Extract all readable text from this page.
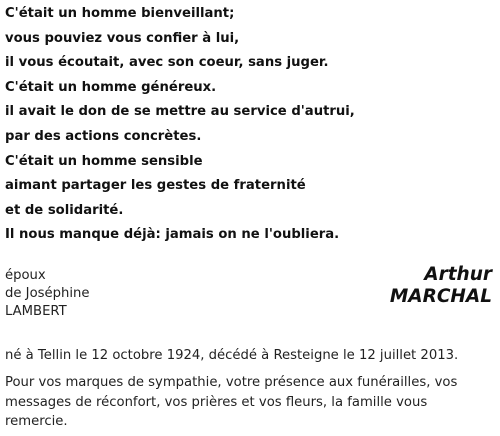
C'était un homme bienveillant;
vous pouviez vous confier à lui,
il vous écoutait, avec son coeur, sans juger.
C'était un homme généreux.
il avait le don de se mettre au service d'autrui,
par des actions concrètes.
C'était un homme sensible
aimant partager les gestes de fraternité
et de solidarité.
Il nous manque déjà: jamais on ne l'oubliera.
époux
de Joséphine
LAMBERT
Arthur
MARCHAL
né à Tellin le 12 octobre 1924, décédé à Resteigne le 12 juillet 2013.
Pour vos marques de sympathie, votre présence aux funérailles, vos messages de réconfort, vos prières et vos fleurs, la famille vous remercie.
